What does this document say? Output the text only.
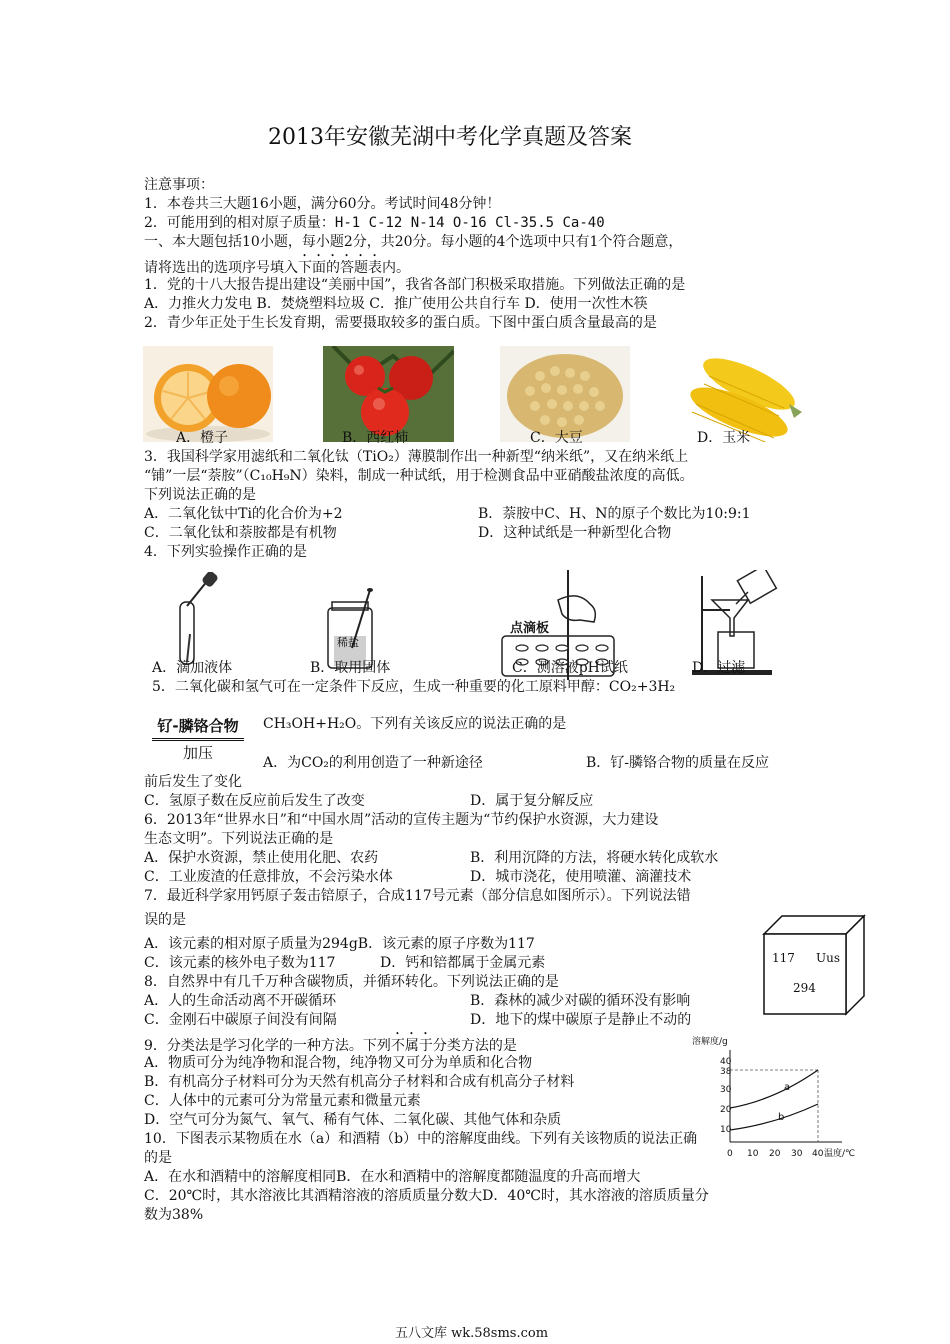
2013年安徽芜湖中考化学真题及答案
注意事项：
1．本卷共三大题16小题，满分60分。考试时间48分钟！
2．可能用到的相对原子质量：H-1 C-12 N-14 O-16 Cl-35.5 Ca-40
一、本大题包括10小题，每小题2分，共20分。每小题的4个选项中只有1个符合题意，
请将选出的选项序号填入下面的答题表内。
1．党的十八大报告提出建设“美丽中国”，我省各部门积极采取措施。下列做法正确的是
A．力推火力发电 B．焚烧塑料垃圾 C．推广使用公共自行车 D．使用一次性木筷
2．青少年正处于生长发育期，需要摄取较多的蛋白质。下图中蛋白质含量最高的是
A．橙子	B．西红柿	C．大豆	D．玉米
3．我国科学家用滤纸和二氧化钛（TiO₂）薄膜制作出一种新型“纳米纸”，又在纳米纸上
“铺”一层“萘胺”（C₁₀H₉N）染料，制成一种试纸，用于检测食品中亚硝酸盐浓度的高低。
下列说法正确的是
A．二氧化钛中Ti的化合价为+2	B．萘胺中C、H、N的原子个数比为10:9:1
C．二氧化钛和萘胺都是有机物	D．这种试纸是一种新型化合物
4．下列实验操作正确的是
稀盐
点滴板
A．滴加液体	B．取用固体	C．测溶液pH试纸	D．过滤
5．二氧化碳和氢气可在一定条件下反应，生成一种重要的化工原料甲醇：CO₂+3H₂
钌-膦铬合物
加压
CH₃OH+H₂O。下列有关该反应的说法正确的是
A．为CO₂的利用创造了一种新途径	B．钌-膦铬合物的质量在反应
前后发生了变化
C．氢原子数在反应前后发生了改变	D．属于复分解反应
6．2013年“世界水日”和“中国水周”活动的宣传主题为“节约保护水资源，大力建设
生态文明”。下列说法正确的是
A．保护水资源，禁止使用化肥、农药	B．利用沉降的方法，将硬水转化成软水
C．工业废渣的任意排放，不会污染水体	D．城市浇花，使用喷灌、滴灌技术
7．最近科学家用钙原子轰击锫原子，合成117号元素（部分信息如图所示）。下列说法错
误的是
A．该元素的相对原子质量为294gB．该元素的原子序数为117
C．该元素的核外电子数为117	D．钙和锫都属于金属元素	117 Uus
294
8．自然界中有几千万种含碳物质，并循环转化。下列说法正确的是
A．人的生命活动离不开碳循环	B．森林的减少对碳的循环没有影响
C．金刚石中碳原子间没有间隔	D．地下的煤中碳原子是静止不动的
9．分类法是学习化学的一种方法。下列不属于分类方法的是
A．物质可分为纯净物和混合物，纯净物又可分为单质和化合物
B．有机高分子材料可分为天然有机高分子材料和合成有机高分子材料
C．人体中的元素可分为常量元素和微量元素
D．空气可分为氮气、氧气、稀有气体、二氧化碳、其他气体和杂质
溶解度/g
40
38
30
20
10
0 10 20 30 40 温度/℃
a
b
10．下图表示某物质在水（a）和酒精（b）中的溶解度曲线。下列有关该物质的说法正确
的是
A．在水和酒精中的溶解度相同B．在水和酒精中的溶解度都随温度的升高而增大
C．20℃时，其水溶液比其酒精溶液的溶质质量分数大D．40℃时，其水溶液的溶质质量分
数为38%
五八文库 wk.58sms.com
